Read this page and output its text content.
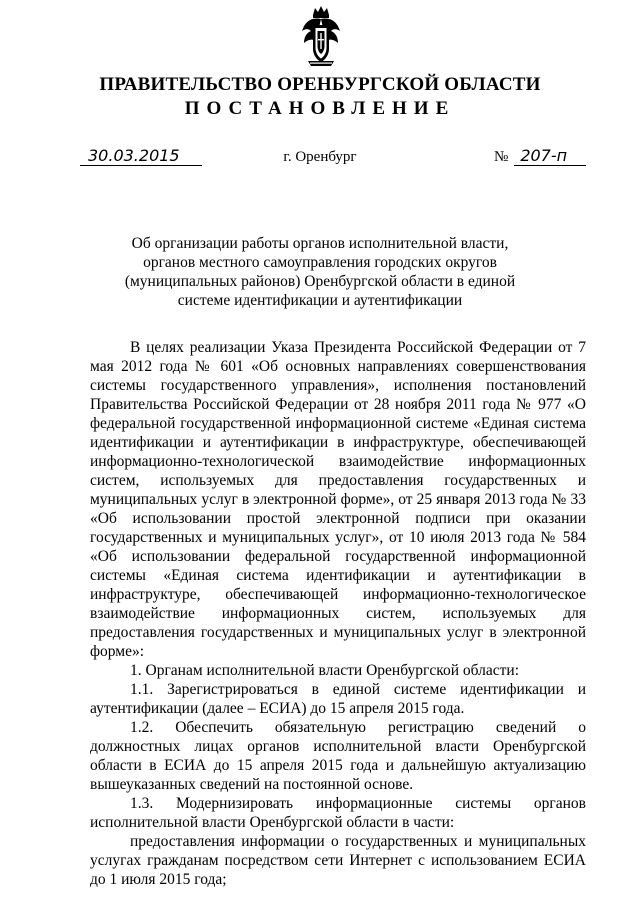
ПРАВИТЕЛЬСТВО ОРЕНБУРГСКОЙ ОБЛАСТИ
ПОСТАНОВЛЕНИЕ
30.03.2015	г. Оренбург	№ 207-п

Об организации работы органов исполнительной власти, органов местного самоуправления городских округов (муниципальных районов) Оренбургской области в единой системе идентификации и аутентификации

В целях реализации Указа Президента Российской Федерации от 7 мая 2012 года № 601 «Об основных направлениях совершенствования системы государственного управления», исполнения постановлений Правительства Российской Федерации от 28 ноября 2011 года № 977 «О федеральной государственной информационной системе «Единая система идентификации и аутентификации в инфраструктуре, обеспечивающей информационно-технологической взаимодействие информационных систем, используемых для предоставления государственных и муниципальных услуг в электронной форме», от 25 января 2013 года № 33 «Об использовании простой электронной подписи при оказании государственных и муниципальных услуг», от 10 июля 2013 года № 584 «Об использовании федеральной государственной информационной системы «Единая система идентификации и аутентификации в инфраструктуре, обеспечивающей информационно-технологическое взаимодействие информационных систем, используемых для предоставления государственных и муниципальных услуг в электронной форме»:

1. Органам исполнительной власти Оренбургской области:

1.1. Зарегистрироваться в единой системе идентификации и аутентификации (далее – ЕСИА) до 15 апреля 2015 года.

1.2. Обеспечить обязательную регистрацию сведений о должностных лицах органов исполнительной власти Оренбургской области в ЕСИА до 15 апреля 2015 года и дальнейшую актуализацию вышеуказанных сведений на постоянной основе.

1.3. Модернизировать информационные системы органов исполнительной власти Оренбургской области в части:

предоставления информации о государственных и муниципальных услугах гражданам посредством сети Интернет с использованием ЕСИА до 1 июля 2015 года;
